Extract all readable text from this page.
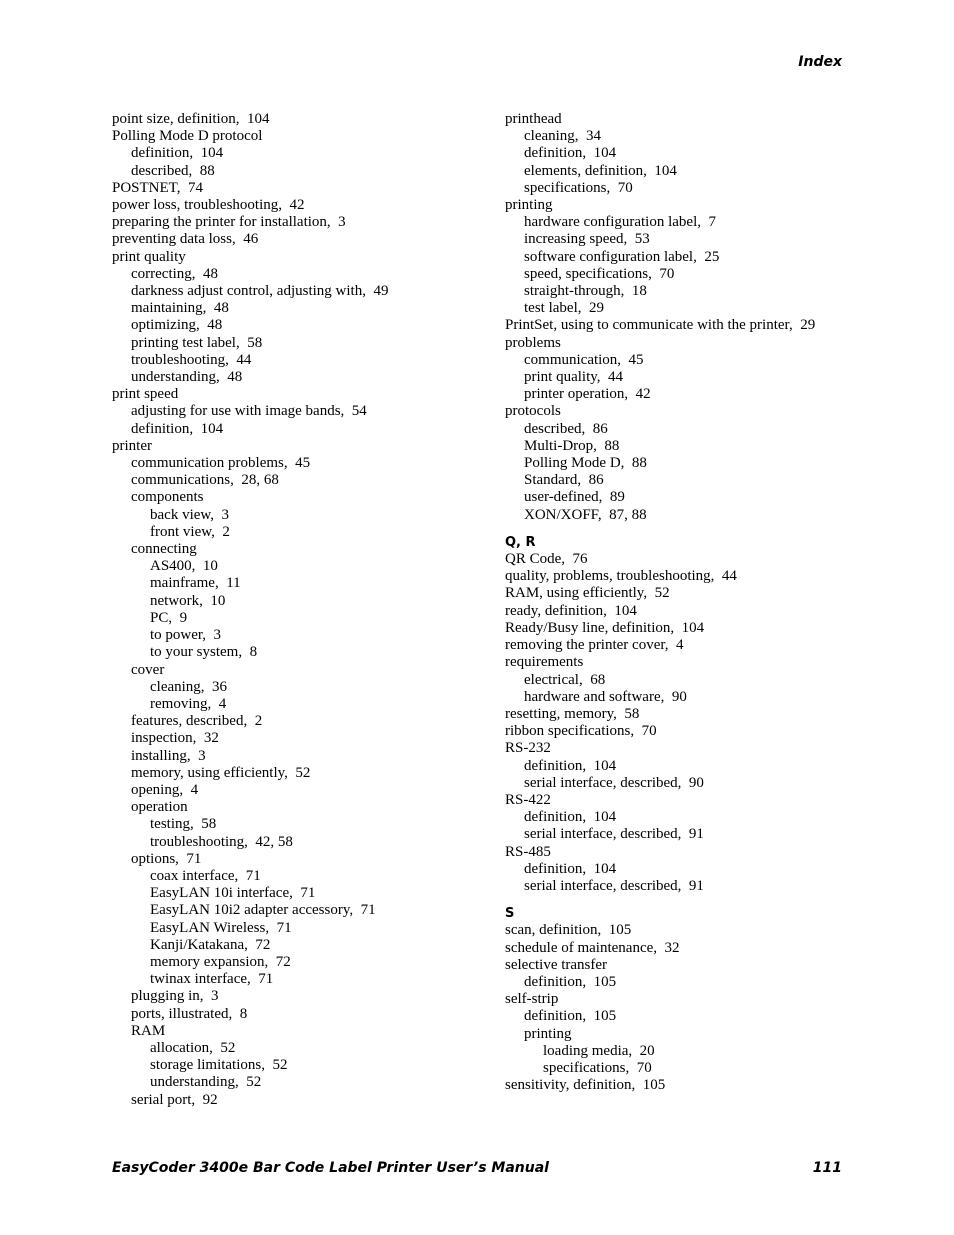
Index
point size, definition,  104
Polling Mode D protocol
definition,  104
described,  88
POSTNET,  74
power loss, troubleshooting,  42
preparing the printer for installation,  3
preventing data loss,  46
print quality
correcting,  48
darkness adjust control, adjusting with,  49
maintaining,  48
optimizing,  48
printing test label,  58
troubleshooting,  44
understanding,  48
print speed
adjusting for use with image bands,  54
definition,  104
printer
communication problems,  45
communications,  28, 68
components
back view,  3
front view,  2
connecting
AS400,  10
mainframe,  11
network,  10
PC,  9
to power,  3
to your system,  8
cover
cleaning,  36
removing,  4
features, described,  2
inspection,  32
installing,  3
memory, using efficiently,  52
opening,  4
operation
testing,  58
troubleshooting,  42, 58
options,  71
coax interface,  71
EasyLAN 10i interface,  71
EasyLAN 10i2 adapter accessory,  71
EasyLAN Wireless,  71
Kanji/Katakana,  72
memory expansion,  72
twinax interface,  71
plugging in,  3
ports, illustrated,  8
RAM
allocation,  52
storage limitations,  52
understanding,  52
serial port,  92
printhead
cleaning,  34
definition,  104
elements, definition,  104
specifications,  70
printing
hardware configuration label,  7
increasing speed,  53
software configuration label,  25
speed, specifications,  70
straight-through,  18
test label,  29
PrintSet, using to communicate with the printer,  29
problems
communication,  45
print quality,  44
printer operation,  42
protocols
described,  86
Multi-Drop,  88
Polling Mode D,  88
Standard,  86
user-defined,  89
XON/XOFF,  87, 88
Q, R
QR Code,  76
quality, problems, troubleshooting,  44
RAM, using efficiently,  52
ready, definition,  104
Ready/Busy line, definition,  104
removing the printer cover,  4
requirements
electrical,  68
hardware and software,  90
resetting, memory,  58
ribbon specifications,  70
RS-232
definition,  104
serial interface, described,  90
RS-422
definition,  104
serial interface, described,  91
RS-485
definition,  104
serial interface, described,  91
S
scan, definition,  105
schedule of maintenance,  32
selective transfer
definition,  105
self-strip
definition,  105
printing
loading media,  20
specifications,  70
sensitivity, definition,  105
EasyCoder 3400e Bar Code Label Printer User’s Manual	111
